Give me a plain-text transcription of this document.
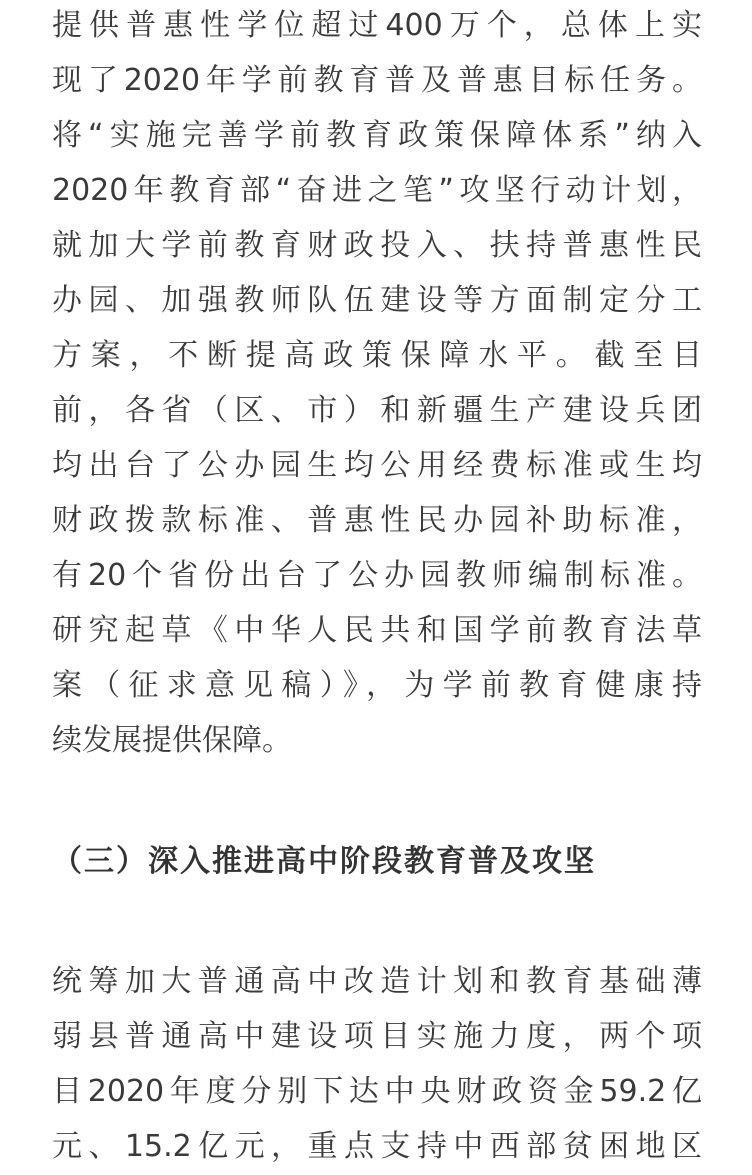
提供普惠性学位超过400万个，总体上实
现了2020年学前教育普及普惠目标任务。
将“实施完善学前教育政策保障体系”纳入
2020年教育部“奋进之笔”攻坚行动计划，
就加大学前教育财政投入、扶持普惠性民
办园、加强教师队伍建设等方面制定分工
方案，不断提高政策保障水平。截至目
前，各省（区、市）和新疆生产建设兵团
均出台了公办园生均公用经费标准或生均
财政拨款标准、普惠性民办园补助标准，
有20个省份出台了公办园教师编制标准。
研究起草《中华人民共和国学前教育法草
案（征求意见稿）》，为学前教育健康持
续发展提供保障。
（三）深入推进高中阶段教育普及攻坚
统筹加大普通高中改造计划和教育基础薄
弱县普通高中建设项目实施力度，两个项
目2020年度分别下达中央财政资金59.2亿
元、15.2亿元，重点支持中西部贫困地区
